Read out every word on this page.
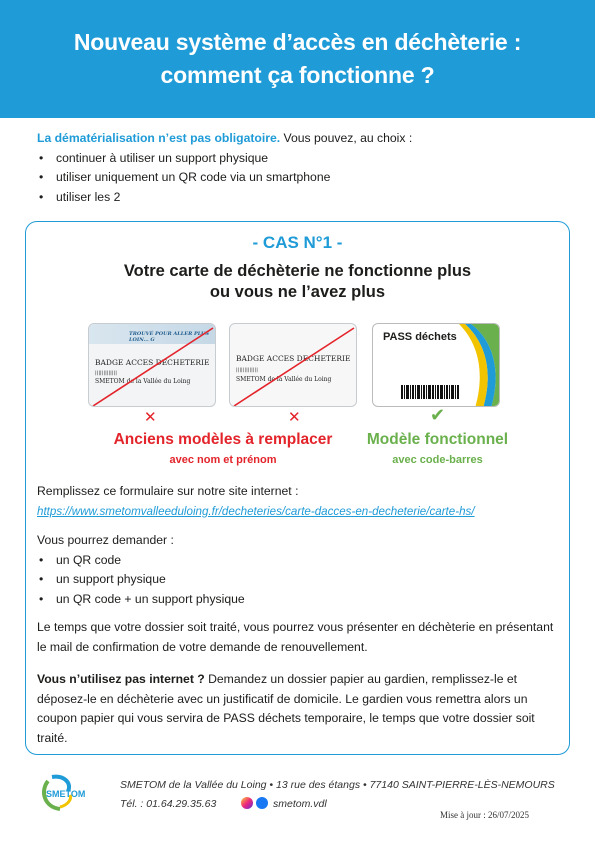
Nouveau système d’accès en déchèterie :
comment ça fonctionne ?
La dématérialisation n’est pas obligatoire. Vous pouvez, au choix :
• continuer à utiliser un support physique
• utiliser uniquement un QR code via un smartphone
• utiliser les 2
- CAS N°1 -
Votre carte de déchèterie ne fonctionne plus
ou vous ne l’avez plus
TROUVÉ POUR ALLER PLUS LOIN... G
BADGE ACCES DECHETERIE
|||||||||||||
SMETOM de la Vallée du Loing
BADGE ACCES DECHETERIE
|||||||||||||
SMETOM de la Vallée du Loing
PASS déchets
✕	✕	✔
Anciens modèles à remplacer
avec nom et prénom
Modèle fonctionnel
avec code-barres
Remplissez ce formulaire sur notre site internet :
https://www.smetomvalleeduloing.fr/decheteries/carte-dacces-en-decheterie/carte-hs/
Vous pourrez demander :
• un QR code
• un support physique
• un QR code + un support physique
Le temps que votre dossier soit traité, vous pourrez vous présenter en déchèterie en présentant le mail de confirmation de votre demande de renouvellement.
Vous n’utilisez pas internet ? Demandez un dossier papier au gardien, remplissez-le et déposez-le en déchèterie avec un justificatif de domicile. Le gardien vous remettra alors un coupon papier qui vous servira de PASS déchets temporaire, le temps que votre dossier soit traité.
SMETOM
SMETOM de la Vallée du Loing • 13 rue des étangs • 77140 SAINT-PIERRE-LÈS-NEMOURS
Tél. : 01.64.29.35.63	smetom.vdl
Mise à jour : 26/07/2025
